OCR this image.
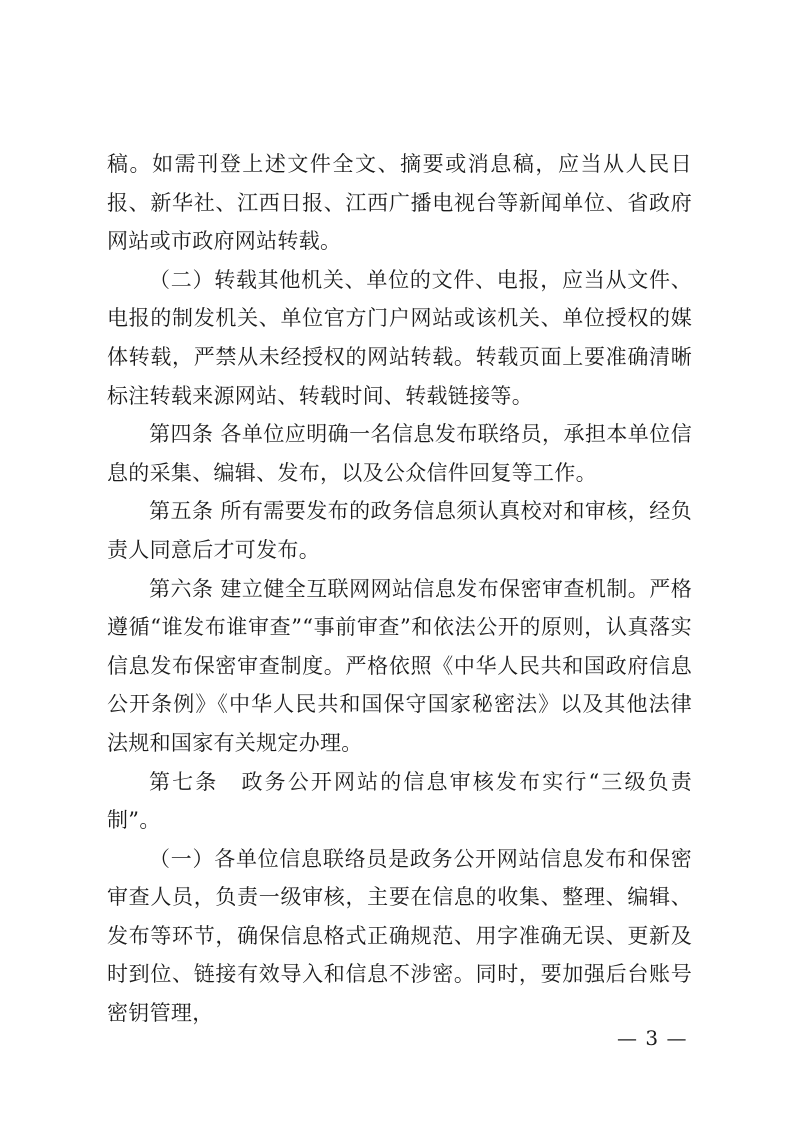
稿。如需刊登上述文件全文、摘要或消息稿，应当从人民日报、新华社、江西日报、江西广播电视台等新闻单位、省政府网站或市政府网站转载。

（二）转载其他机关、单位的文件、电报，应当从文件、电报的制发机关、单位官方门户网站或该机关、单位授权的媒体转载，严禁从未经授权的网站转载。转载页面上要准确清晰标注转载来源网站、转载时间、转载链接等。

第四条 各单位应明确一名信息发布联络员，承担本单位信息的采集、编辑、发布，以及公众信件回复等工作。

第五条 所有需要发布的政务信息须认真校对和审核，经负责人同意后才可发布。

第六条 建立健全互联网网站信息发布保密审查机制。严格遵循“谁发布谁审查”“事前审查”和依法公开的原则，认真落实信息发布保密审查制度。严格依照《中华人民共和国政府信息公开条例》《中华人民共和国保守国家秘密法》以及其他法律法规和国家有关规定办理。

第七条　政务公开网站的信息审核发布实行“三级负责制”。

（一）各单位信息联络员是政务公开网站信息发布和保密审查人员，负责一级审核，主要在信息的收集、整理、编辑、发布等环节，确保信息格式正确规范、用字准确无误、更新及时到位、链接有效导入和信息不涉密。同时，要加强后台账号密钥管理，

— 3 —
